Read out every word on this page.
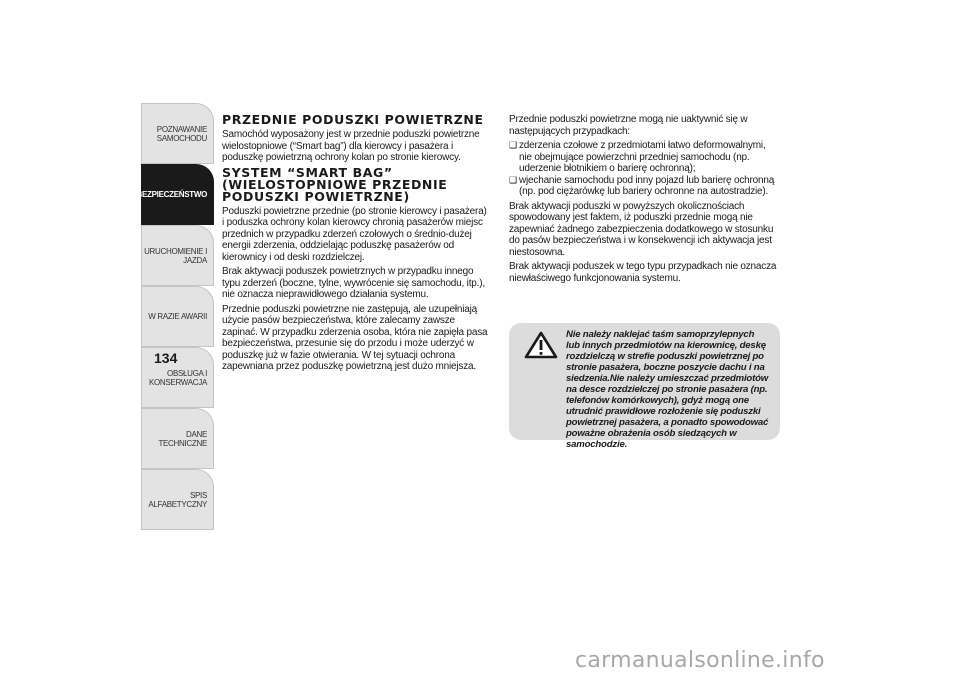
POZNAWANIE
SAMOCHODU
BEZPIECZEŃSTWO
URUCHOMIENIE I
JAZDA
W RAZIE AWARII
OBSŁUGA I
KONSERWACJA
DANE TECHNICZNE
SPIS ALFABETYCZNY
134
PRZEDNIE PODUSZKI POWIETRZNE

Samochód wyposażony jest w przednie poduszki powietrzne wielostopniowe (“Smart bag”) dla kierowcy i pasażera i poduszkę powietrzną ochrony kolan po stronie kierowcy.

SYSTEM “SMART BAG” (WIELOSTOPNIOWE PRZEDNIE PODUSZKI POWIETRZNE)

Poduszki powietrzne przednie (po stronie kierowcy i pasażera) i poduszka ochrony kolan kierowcy chronią pasażerów miejsc przednich w przypadku zderzeń czołowych o średnio-dużej energii zderzenia, oddzielając poduszkę pasażerów od kierownicy i od deski rozdzielczej.

Brak aktywacji poduszek powietrznych w przypadku innego typu zderzeń (boczne, tylne, wywrócenie się samochodu, itp.), nie oznacza nieprawidłowego działania systemu.

Przednie poduszki powietrzne nie zastępują, ale uzupełniają użycie pasów bezpieczeństwa, które zalecamy zawsze zapinać. W przypadku zderzenia osoba, która nie zapięła pasa bezpieczeństwa, przesunie się do przodu i może uderzyć w poduszkę już w fazie otwierania. W tej sytuacji ochrona zapewniana przez poduszkę powietrzną jest dużo mniejsza.

Przednie poduszki powietrzne mogą nie uaktywnić się w następujących przypadkach:

❑ zderzenia czołowe z przedmiotami łatwo deformowalnymi, nie obejmujące powierzchni przedniej samochodu (np. uderzenie błotnikiem o barierę ochronną);
❑ wjechanie samochodu pod inny pojazd lub barierę ochronną (np. pod ciężarówkę lub bariery ochronne na autostradzie).

Brak aktywacji poduszki w powyższych okolicznościach spowodowany jest faktem, iż poduszki przednie mogą nie zapewniać żadnego zabezpieczenia dodatkowego w stosunku do pasów bezpieczeństwa i w konsekwencji ich aktywacja jest niestosowna.

Brak aktywacji poduszek w tego typu przypadkach nie oznacza niewłaściwego funkcjonowania systemu.

Nie należy naklejać taśm samoprzylepnych lub innych przedmiotów na kierownicę, deskę rozdzielczą w strefie poduszki powietrznej po stronie pasażera, boczne poszycie dachu i na siedzenia.Nie należy umieszczać przedmiotów na desce rozdzielczej po stronie pasażera (np. telefonów komórkowych), gdyż mogą one utrudnić prawidłowe rozłożenie się poduszki powietrznej pasażera, a ponadto spowodować poważne obrażenia osób siedzących w samochodzie.
carmanualsonline.info
